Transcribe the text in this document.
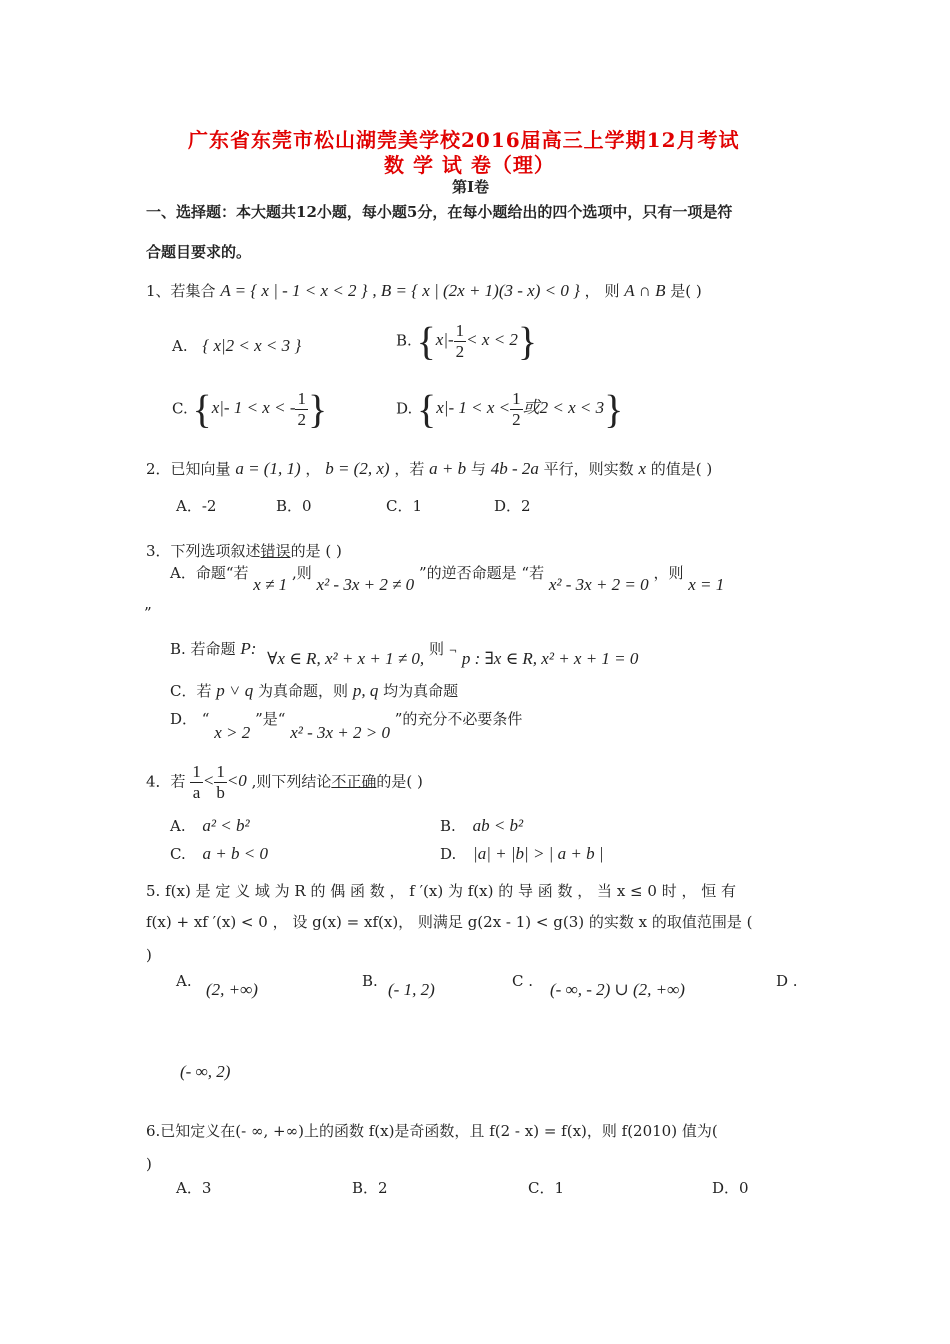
广东省东莞市松山湖莞美学校2016届高三上学期12月考试
数 学 试 卷（理）
第Ⅰ卷
一、选择题：本大题共12小题，每小题5分，在每小题给出的四个选项中，只有一项是符
合题目要求的。
1、若集合 A = { x | - 1 < x < 2 } , B = { x | (2x + 1)(3 - x) < 0 } ， 则 A ∩ B 是( )
A. { x|2 < x < 3 }	B. $\{x|- \frac{1}{2} < x < 2\}$
C. {x|- 1 < x < - $\frac{1}{2}$ }	D. {x|- $1 < x < \frac{1}{2}$ 或2 < x < 3}
2．已知向量 a = (1, 1) ， b = (2, x) ，若 a + b 与 4b - 2a 平行，则实数 x 的值是( )
A．-2	B．0	C．1	D．2
3．下列选项叙述错误的是 ( )
A．命题“若 x ≠ 1 ,则 x² - 3x + 2 ≠ 0 ”的逆否命题是 “若 x² - 3x + 2 = 0 ，则 x = 1
”
B. 若命题 P: ∀x ∈ R, x² + x + 1 ≠ 0, 则 ¬ p : ∃x ∈ R, x² + x + 1 = 0
C．若 p ˅ q 为真命题，则 p, q 均为真命题
D． “ x > 2 ”是“ x² - 3x + 2 > 0 ”的充分不必要条件
4．若 $\frac{1}{a} < \frac{1}{b} <0$ ,则下列结论不正确的是( )
A. a² < b²	B. ab < b²
C. a + b < 0	D. |a| + |b| > | a + b |
5. f(x) 是 定 义 域 为 R 的 偶 函 数 ， f ′(x) 为 f(x) 的 导 函 数 ， 当 x ≤ 0 时 ， 恒 有
f(x) + xf ′(x) < 0 ， 设 g(x) = xf(x)， 则满足 g(2x - 1) < g(3) 的实数 x 的取值范围是 (
)
A. (2, +∞)	B. (- 1, 2)	C . (- ∞, - 2) ∪ (2, +∞)	D .
(- ∞, 2)
6.已知定义在(- ∞, +∞)上的函数 f(x)是奇函数，且 f(2 - x) = f(x)，则 f(2010) 值为(
)
A．3	B．2	C．1	D．0
